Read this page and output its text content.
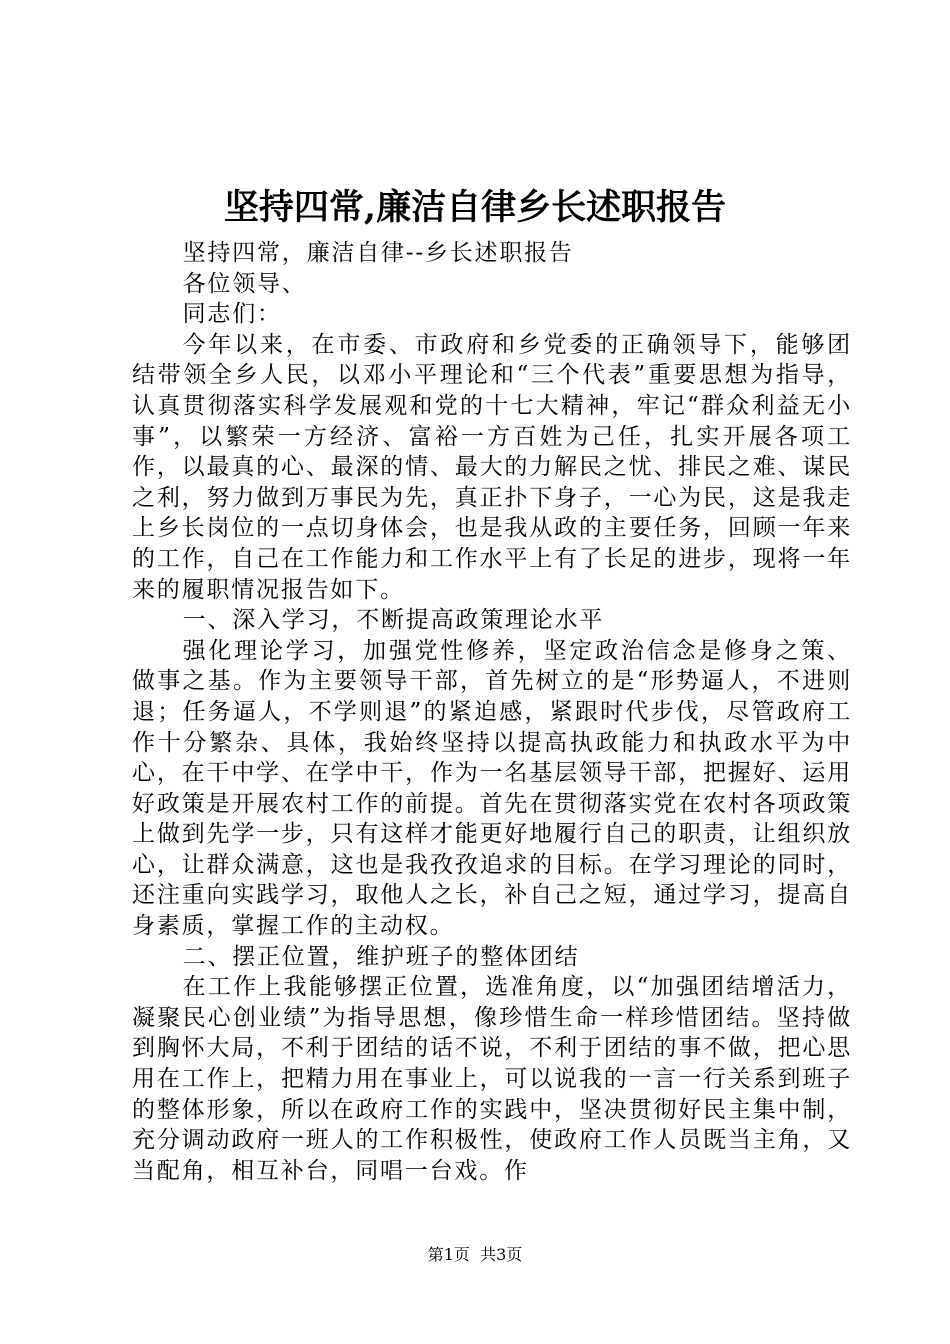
坚持四常,廉洁自律乡长述职报告

坚持四常，廉洁自律--乡长述职报告

各位领导、

同志们：

今年以来，在市委、市政府和乡党委的正确领导下，能够团结带领全乡人民，以邓小平理论和“三个代表”重要思想为指导，认真贯彻落实科学发展观和党的十七大精神，牢记“群众利益无小事”，以繁荣一方经济、富裕一方百姓为己任，扎实开展各项工作，以最真的心、最深的情、最大的力解民之忧、排民之难、谋民之利，努力做到万事民为先，真正扑下身子，一心为民，这是我走上乡长岗位的一点切身体会，也是我从政的主要任务，回顾一年来的工作，自己在工作能力和工作水平上有了长足的进步，现将一年来的履职情况报告如下。

一、深入学习，不断提高政策理论水平

强化理论学习，加强党性修养，坚定政治信念是修身之策、做事之基。作为主要领导干部，首先树立的是“形势逼人，不进则退；任务逼人，不学则退”的紧迫感，紧跟时代步伐，尽管政府工作十分繁杂、具体，我始终坚持以提高执政能力和执政水平为中心，在干中学、在学中干，作为一名基层领导干部，把握好、运用好政策是开展农村工作的前提。首先在贯彻落实党在农村各项政策上做到先学一步，只有这样才能更好地履行自己的职责，让组织放心，让群众满意，这也是我孜孜追求的目标。在学习理论的同时，还注重向实践学习，取他人之长，补自己之短，通过学习，提高自身素质，掌握工作的主动权。

二、摆正位置，维护班子的整体团结

在工作上我能够摆正位置，选准角度，以“加强团结增活力，凝聚民心创业绩”为指导思想，像珍惜生命一样珍惜团结。坚持做到胸怀大局，不利于团结的话不说，不利于团结的事不做，把心思用在工作上，把精力用在事业上，可以说我的一言一行关系到班子的整体形象，所以在政府工作的实践中，坚决贯彻好民主集中制，充分调动政府一班人的工作积极性，使政府工作人员既当主角，又当配角，相互补台，同唱一台戏。作

第1页 共3页
